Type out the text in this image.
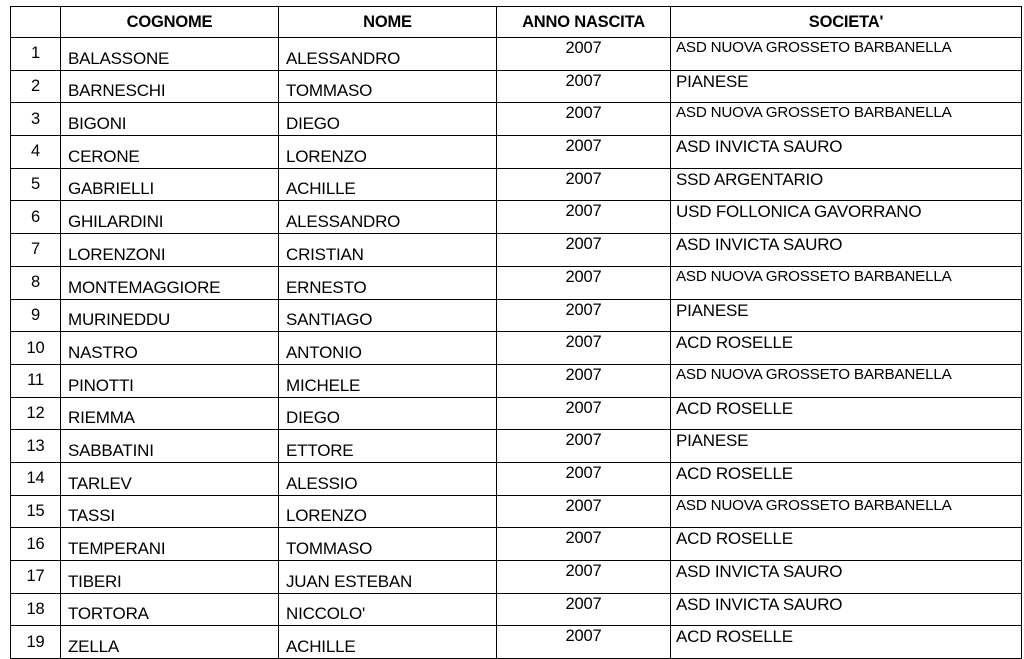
	COGNOME	NOME	ANNO NASCITA	SOCIETA'
1	BALASSONE	ALESSANDRO	2007	ASD NUOVA GROSSETO BARBANELLA
2	BARNESCHI	TOMMASO	2007	PIANESE
3	BIGONI	DIEGO	2007	ASD NUOVA GROSSETO BARBANELLA
4	CERONE	LORENZO	2007	ASD INVICTA SAURO
5	GABRIELLI	ACHILLE	2007	SSD ARGENTARIO
6	GHILARDINI	ALESSANDRO	2007	USD FOLLONICA GAVORRANO
7	LORENZONI	CRISTIAN	2007	ASD INVICTA SAURO
8	MONTEMAGGIORE	ERNESTO	2007	ASD NUOVA GROSSETO BARBANELLA
9	MURINEDDU	SANTIAGO	2007	PIANESE
10	NASTRO	ANTONIO	2007	ACD ROSELLE
11	PINOTTI	MICHELE	2007	ASD NUOVA GROSSETO BARBANELLA
12	RIEMMA	DIEGO	2007	ACD ROSELLE
13	SABBATINI	ETTORE	2007	PIANESE
14	TARLEV	ALESSIO	2007	ACD ROSELLE
15	TASSI	LORENZO	2007	ASD NUOVA GROSSETO BARBANELLA
16	TEMPERANI	TOMMASO	2007	ACD ROSELLE
17	TIBERI	JUAN ESTEBAN	2007	ASD INVICTA SAURO
18	TORTORA	NICCOLO'	2007	ASD INVICTA SAURO
19	ZELLA	ACHILLE	2007	ACD ROSELLE
